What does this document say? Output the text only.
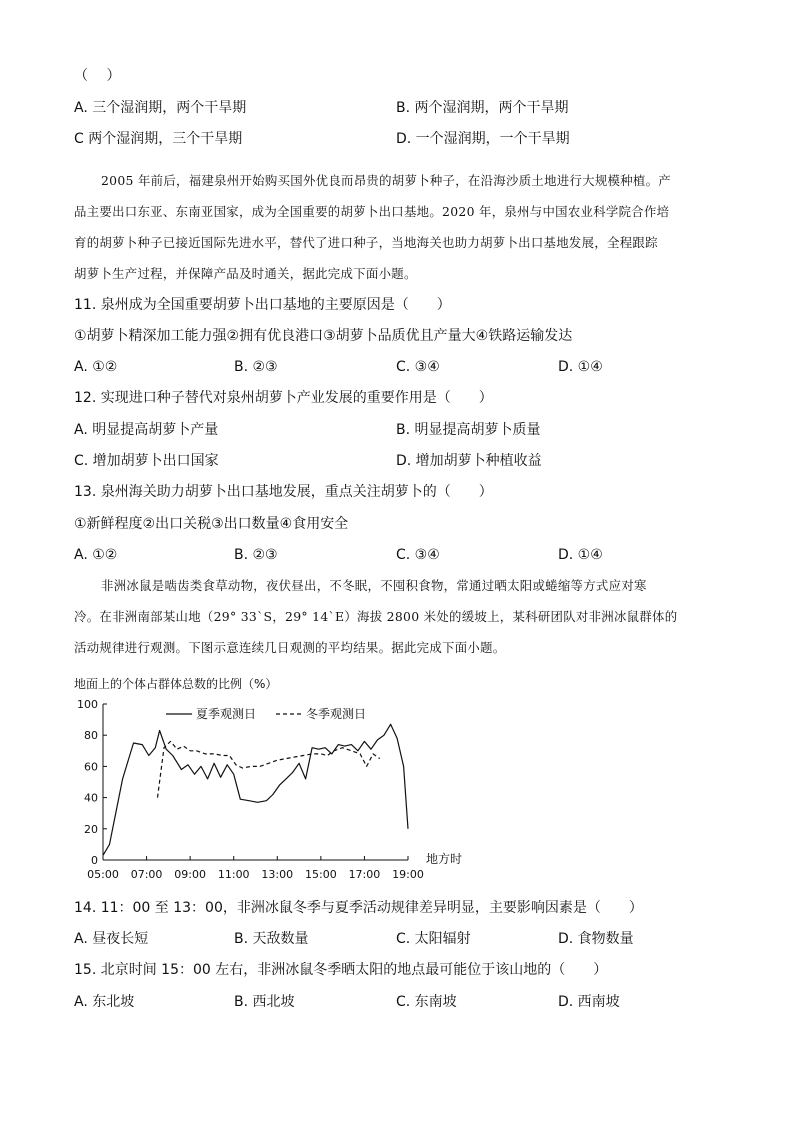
（　 ）
A. 三个湿润期，两个干旱期	B. 两个湿润期，两个干旱期
C 两个湿润期，三个干旱期	D. 一个湿润期，一个干旱期
2005 年前后，福建泉州开始购买国外优良而昂贵的胡萝卜种子，在沿海沙质土地进行大规模种植。产
品主要出口东亚、东南亚国家，成为全国重要的胡萝卜出口基地。2020 年，泉州与中国农业科学院合作培
育的胡萝卜种子已接近国际先进水平，替代了进口种子，当地海关也助力胡萝卜出口基地发展，全程跟踪
胡萝卜生产过程，并保障产品及时通关，据此完成下面小题。
11. 泉州成为全国重要胡萝卜出口基地的主要原因是（　　）
①胡萝卜精深加工能力强②拥有优良港口③胡萝卜品质优且产量大④铁路运输发达
A. ①②	B. ②③	C. ③④	D. ①④
12. 实现进口种子替代对泉州胡萝卜产业发展的重要作用是（　　）
A. 明显提高胡萝卜产量	B. 明显提高胡萝卜质量
C. 增加胡萝卜出口国家	D. 增加胡萝卜种植收益
13. 泉州海关助力胡萝卜出口基地发展，重点关注胡萝卜的（　　）
①新鲜程度②出口关税③出口数量④食用安全
A. ①②	B. ②③	C. ③④	D. ①④
非洲冰鼠是啮齿类食草动物，夜伏昼出，不冬眠，不囤积食物，常通过晒太阳或蜷缩等方式应对寒
冷。在非洲南部某山地（29° 33`S，29° 14`E）海拔 2800 米处的缓坡上，某科研团队对非洲冰鼠群体的
活动规律进行观测。下图示意连续几日观测的平均结果。据此完成下面小题。
地面上的个体占群体总数的比例（%）
0
20
40
60
80
100
05:00 07:00 09:00 11:00 13:00 15:00 17:00 19:00
夏季观测日	冬季观测日
地方时
14. 11：00 至 13：00，非洲冰鼠冬季与夏季活动规律差异明显，主要影响因素是（　　）
A. 昼夜长短	B. 天敌数量	C. 太阳辐射	D. 食物数量
15. 北京时间 15：00 左右，非洲冰鼠冬季晒太阳的地点最可能位于该山地的（　　）
A. 东北坡	B. 西北坡	C. 东南坡	D. 西南坡
